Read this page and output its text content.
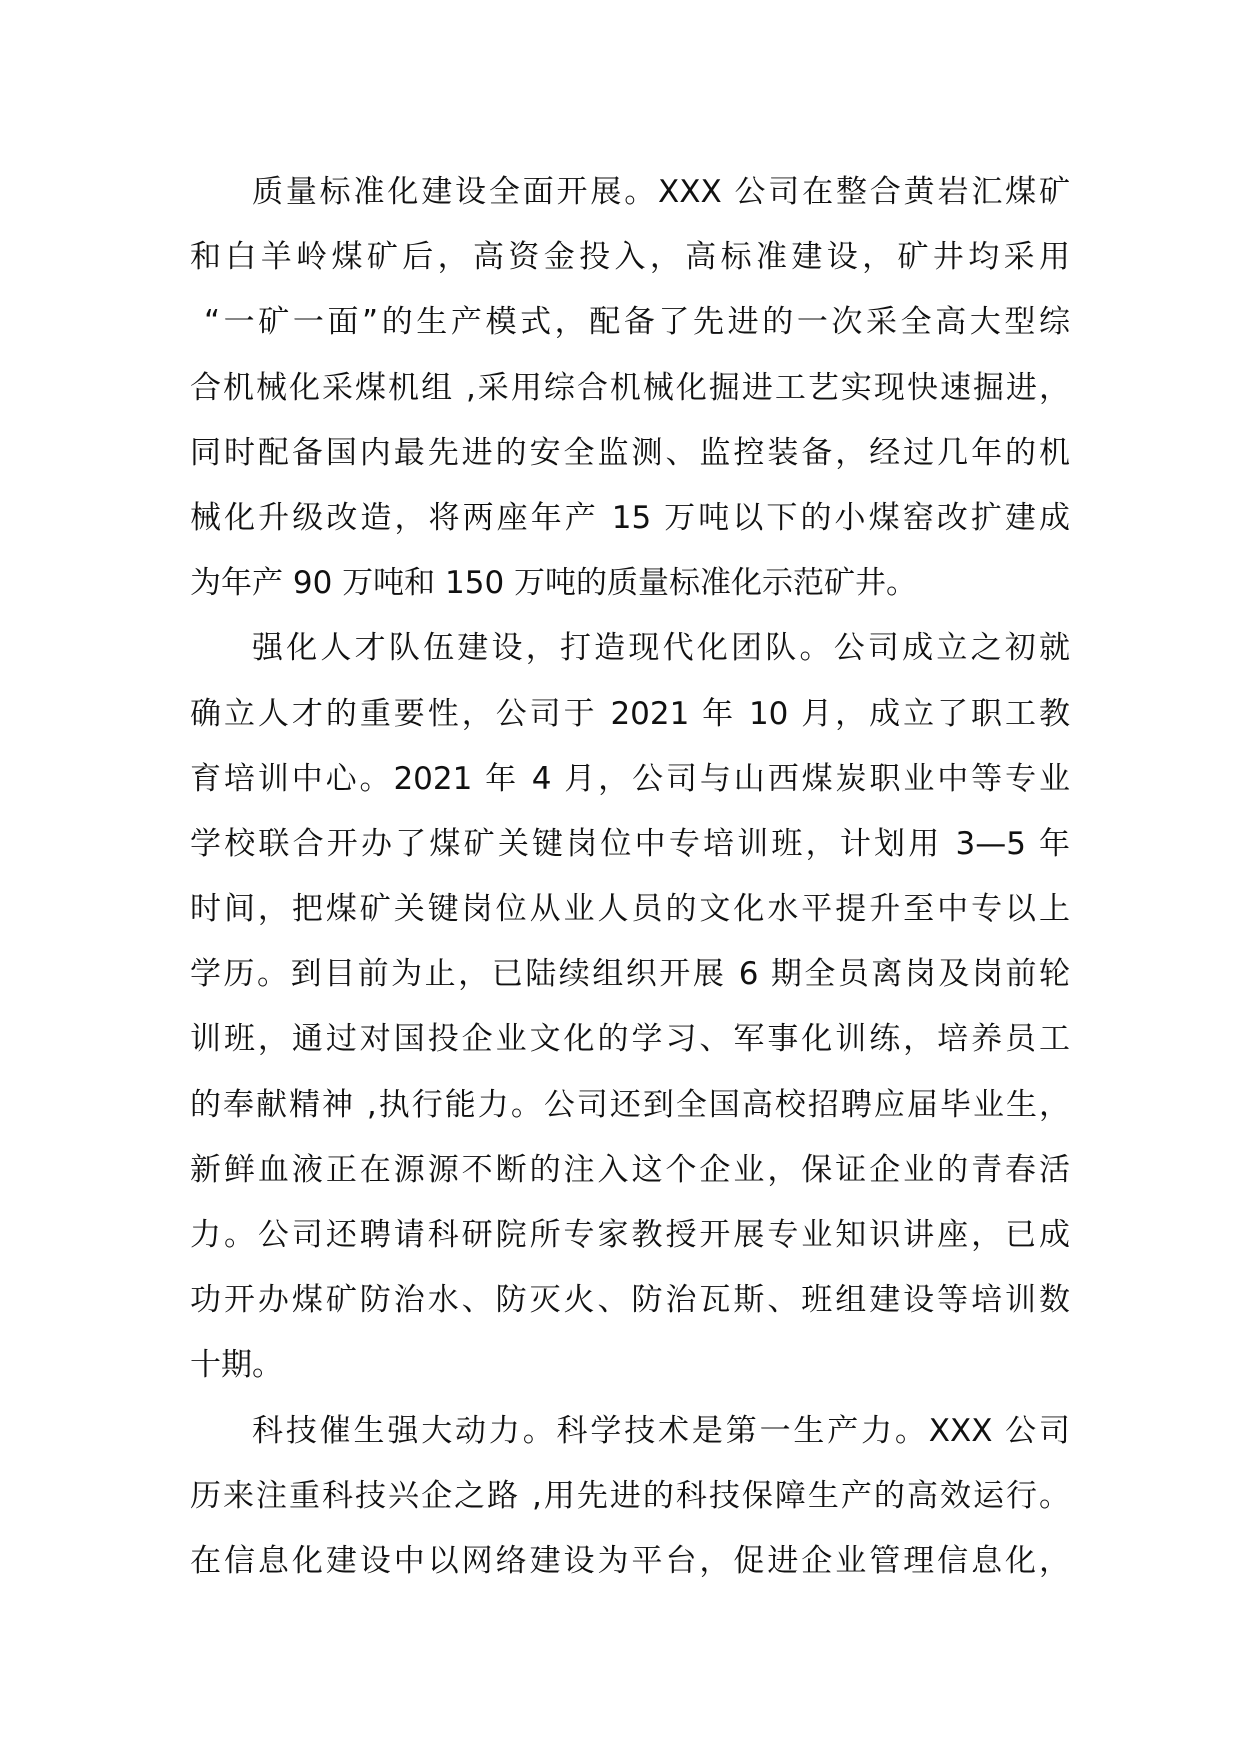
质量标准化建设全面开展。XXX 公司在整合黄岩汇煤矿
和白羊岭煤矿后，高资金投入，高标准建设，矿井均采用
“一矿一面”的生产模式，配备了先进的一次采全高大型综
合机械化采煤机组 ,采用综合机械化掘进工艺实现快速掘进，
同时配备国内最先进的安全监测、监控装备，经过几年的机
械化升级改造，将两座年产 15 万吨以下的小煤窑改扩建成
为年产 90 万吨和 150 万吨的质量标准化示范矿井。
强化人才队伍建设，打造现代化团队。公司成立之初就
确立人才的重要性，公司于 2021 年 10 月，成立了职工教
育培训中心。2021 年 4 月，公司与山西煤炭职业中等专业
学校联合开办了煤矿关键岗位中专培训班，计划用 3—5 年
时间，把煤矿关键岗位从业人员的文化水平提升至中专以上
学历。到目前为止，已陆续组织开展 6 期全员离岗及岗前轮
训班，通过对国投企业文化的学习、军事化训练，培养员工
的奉献精神 ,执行能力。公司还到全国高校招聘应届毕业生，
新鲜血液正在源源不断的注入这个企业，保证企业的青春活
力。公司还聘请科研院所专家教授开展专业知识讲座，已成
功开办煤矿防治水、防灭火、防治瓦斯、班组建设等培训数
十期。
科技催生强大动力。科学技术是第一生产力。XXX 公司
历来注重科技兴企之路 ,用先进的科技保障生产的高效运行。
在信息化建设中以网络建设为平台，促进企业管理信息化，
